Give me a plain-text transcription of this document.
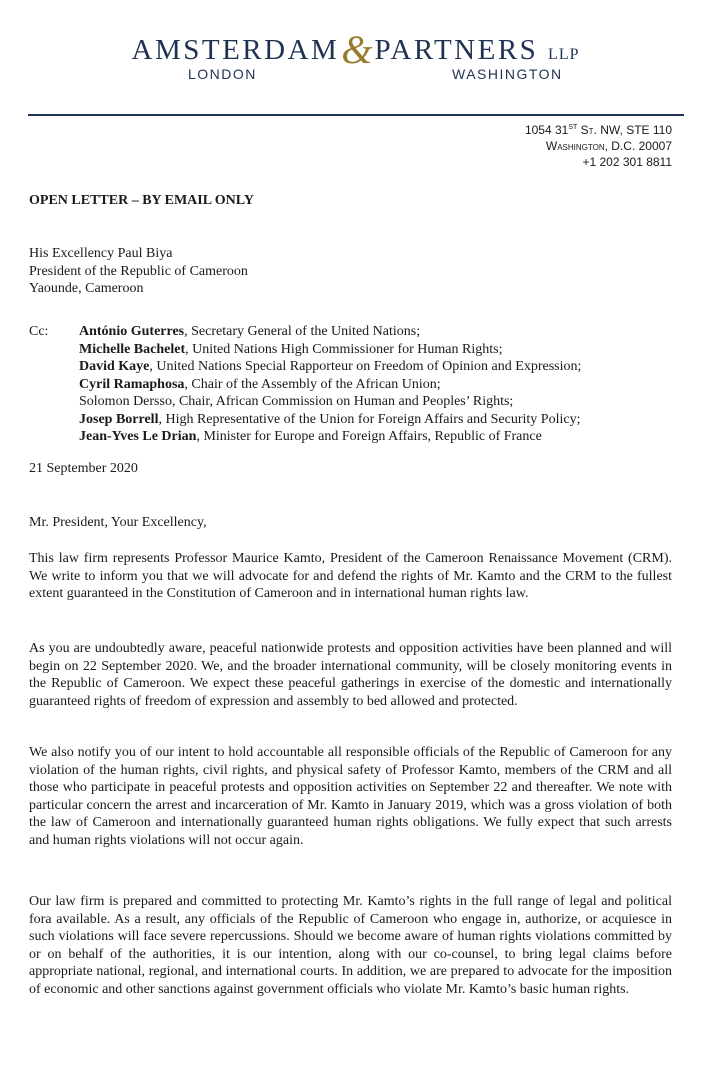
AMSTERDAM&PARTNERS LLP
LONDON	WASHINGTON
1054 31ST St. NW, STE 110
Washington, D.C. 20007
+1 202 301 8811
OPEN LETTER – BY EMAIL ONLY
His Excellency Paul Biya
President of the Republic of Cameroon
Yaounde, Cameroon
Cc: António Guterres, Secretary General of the United Nations;
Michelle Bachelet, United Nations High Commissioner for Human Rights;
David Kaye, United Nations Special Rapporteur on Freedom of Opinion and Expression;
Cyril Ramaphosa, Chair of the Assembly of the African Union;
Solomon Dersso, Chair, African Commission on Human and Peoples’ Rights;
Josep Borrell, High Representative of the Union for Foreign Affairs and Security Policy;
Jean-Yves Le Drian, Minister for Europe and Foreign Affairs, Republic of France
21 September 2020
Mr. President, Your Excellency,
This law firm represents Professor Maurice Kamto, President of the Cameroon Renaissance Movement (CRM). We write to inform you that we will advocate for and defend the rights of Mr. Kamto and the CRM to the fullest extent guaranteed in the Constitution of Cameroon and in international human rights law.
As you are undoubtedly aware, peaceful nationwide protests and opposition activities have been planned and will begin on 22 September 2020. We, and the broader international community, will be closely monitoring events in the Republic of Cameroon. We expect these peaceful gatherings in exercise of the domestic and internationally guaranteed rights of freedom of expression and assembly to bed allowed and protected.
We also notify you of our intent to hold accountable all responsible officials of the Republic of Cameroon for any violation of the human rights, civil rights, and physical safety of Professor Kamto, members of the CRM and all those who participate in peaceful protests and opposition activities on September 22 and thereafter. We note with particular concern the arrest and incarceration of Mr. Kamto in January 2019, which was a gross violation of both the law of Cameroon and internationally guaranteed human rights obligations. We fully expect that such arrests and human rights violations will not occur again.
Our law firm is prepared and committed to protecting Mr. Kamto’s rights in the full range of legal and political fora available. As a result, any officials of the Republic of Cameroon who engage in, authorize, or acquiesce in such violations will face severe repercussions. Should we become aware of human rights violations committed by or on behalf of the authorities, it is our intention, along with our co-counsel, to bring legal claims before appropriate national, regional, and international courts. In addition, we are prepared to advocate for the imposition of economic and other sanctions against government officials who violate Mr. Kamto’s basic human rights.
